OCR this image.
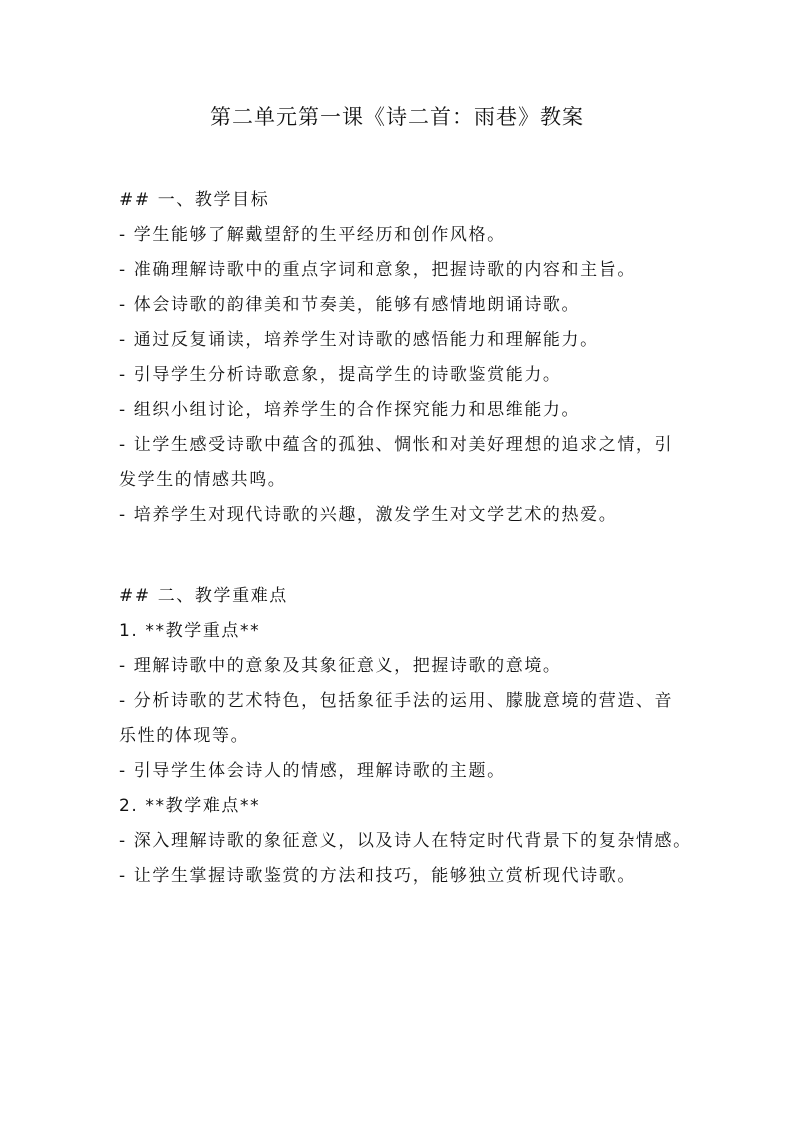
第二单元第一课《诗二首：雨巷》教案
## 一、教学目标
- 学生能够了解戴望舒的生平经历和创作风格。
- 准确理解诗歌中的重点字词和意象，把握诗歌的内容和主旨。
- 体会诗歌的韵律美和节奏美，能够有感情地朗诵诗歌。
- 通过反复诵读，培养学生对诗歌的感悟能力和理解能力。
- 引导学生分析诗歌意象，提高学生的诗歌鉴赏能力。
- 组织小组讨论，培养学生的合作探究能力和思维能力。
- 让学生感受诗歌中蕴含的孤独、惆怅和对美好理想的追求之情，引
发学生的情感共鸣。
- 培养学生对现代诗歌的兴趣，激发学生对文学艺术的热爱。
## 二、教学重难点
1. **教学重点**
- 理解诗歌中的意象及其象征意义，把握诗歌的意境。
- 分析诗歌的艺术特色，包括象征手法的运用、朦胧意境的营造、音
乐性的体现等。
- 引导学生体会诗人的情感，理解诗歌的主题。
2. **教学难点**
- 深入理解诗歌的象征意义，以及诗人在特定时代背景下的复杂情感。
- 让学生掌握诗歌鉴赏的方法和技巧，能够独立赏析现代诗歌。
